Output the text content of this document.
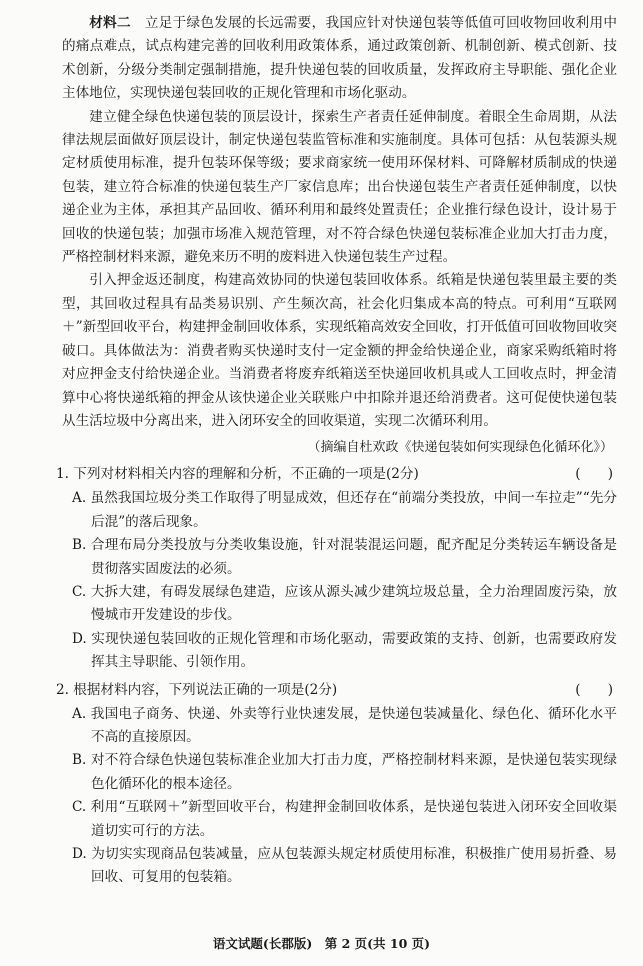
材料二　 立足于绿色发展的长远需要，我国应针对快递包装等低值可回收物回收利用中的痛点难点，试点构建完善的回收利用政策体系，通过政策创新、机制创新、模式创新、技术创新，分级分类制定强制措施，提升快递包装的回收质量，发挥政府主导职能、强化企业主体地位，实现快递包装回收的正规化管理和市场化驱动。

建立健全绿色快递包装的顶层设计，探索生产者责任延伸制度。着眼全生命周期，从法律法规层面做好顶层设计，制定快递包装监管标准和实施制度。具体可包括：从包装源头规定材质使用标准，提升包装环保等级；要求商家统一使用环保材料、可降解材质制成的快递包装，建立符合标准的快递包装生产厂家信息库；出台快递包装生产者责任延伸制度，以快递企业为主体，承担其产品回收、循环利用和最终处置责任；企业推行绿色设计，设计易于回收的快递包装；加强市场准入规范管理，对不符合绿色快递包装标准企业加大打击力度，严格控制材料来源，避免来历不明的废料进入快递包装生产过程。

引入押金返还制度，构建高效协同的快递包装回收体系。纸箱是快递包装里最主要的类型，其回收过程具有品类易识别、产生频次高，社会化归集成本高的特点。可利用“互联网＋”新型回收平台，构建押金制回收体系，实现纸箱高效安全回收，打开低值可回收物回收突破口。具体做法为：消费者购买快递时支付一定金额的押金给快递企业，商家采购纸箱时将对应押金支付给快递企业。当消费者将废弃纸箱送至快递回收机具或人工回收点时，押金清算中心将快递纸箱的押金从该快递企业关联账户中扣除并退还给消费者。这可促使快递包装从生活垃圾中分离出来，进入闭环安全的回收渠道，实现二次循环利用。

（摘编自杜欢政《快递包装如何实现绿色化循环化》）

1. 下列对材料相关内容的理解和分析，不正确的一项是(2分)	(　　)

A. 虽然我国垃圾分类工作取得了明显成效，但还存在“前端分类投放，中间一车拉走”“先分后混”的落后现象。

B. 合理布局分类投放与分类收集设施，针对混装混运问题，配齐配足分类转运车辆设备是贯彻落实固废法的必须。

C. 大拆大建，有碍发展绿色建造，应该从源头减少建筑垃圾总量，全力治理固废污染，放慢城市开发建设的步伐。

D. 实现快递包装回收的正规化管理和市场化驱动，需要政策的支持、创新，也需要政府发挥其主导职能、引领作用。

2. 根据材料内容，下列说法正确的一项是(2分)	(　　)

A. 我国电子商务、快递、外卖等行业快速发展，是快递包装减量化、绿色化、循环化水平不高的直接原因。

B. 对不符合绿色快递包装标准企业加大打击力度，严格控制材料来源，是快递包装实现绿色化循环化的根本途径。

C. 利用“互联网＋”新型回收平台，构建押金制回收体系，是快递包装进入闭环安全回收渠道切实可行的方法。

D. 为切实实现商品包装减量，应从包装源头规定材质使用标准，积极推广使用易折叠、易回收、可复用的包装箱。

语文试题(长郡版)　第 2 页(共 10 页)
